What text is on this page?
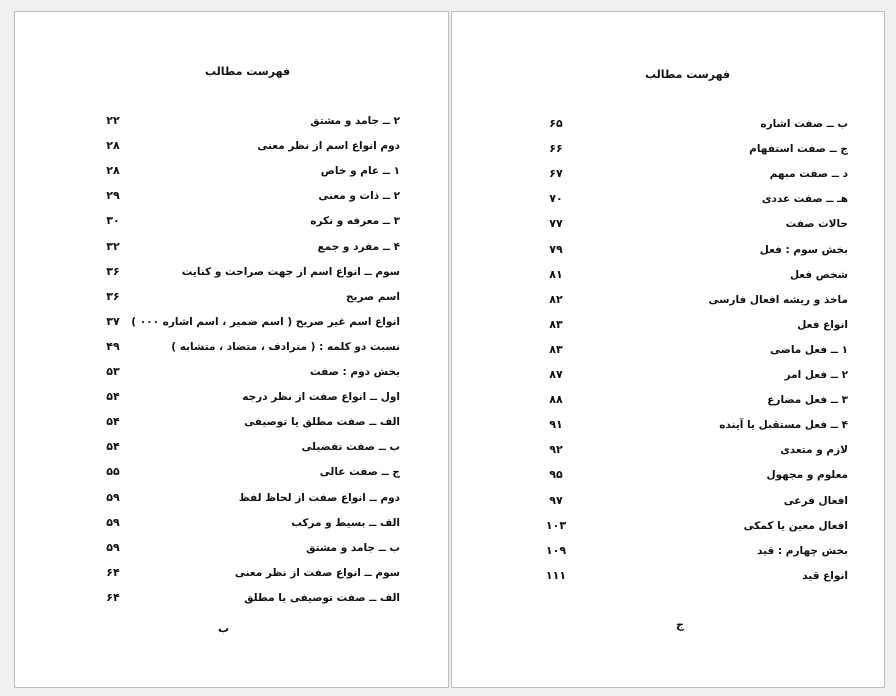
فهرست مطالب
۲ ــ جامد و مشتق
۲۲
دوم انواع اسم از نظر معنی
۲۸
۱ ــ عام و خاص
۲۸
۲ ــ ذات و معنی
۲۹
۳ ــ معرفه و نکره
۳۰
۴ ــ مفرد و جمع
۳۲
سوم ــ انواع اسم از جهت صراحت و کنایت
۳۶
اسم صریح
۳۶
انواع اسم غیر صریح ( اسم ضمیر ، اسم اشاره ۰۰۰ )
۳۷
نسبت دو کلمه : ( مترادف ، متضاد ، متشابه )
۴۹
بخش دوم : صفت
۵۳
اول ــ انواع صفت از نظر درجه
۵۴
الف ــ صفت مطلق یا توصیفی
۵۴
ب ــ صفت تفضیلی
۵۴
ج ــ صفت عالی
۵۵
دوم ــ انواع صفت از لحاظ لفظ
۵۹
الف ــ بسیط و مرکب
۵۹
ب ــ جامد و مشتق
۵۹
سوم ــ انواع صفت از نظر معنی
۶۴
الف ــ صفت توصیفی یا مطلق
۶۴
ب
فهرست مطالب
ب ــ صفت اشاره
۶۵
ج ــ صفت استفهام
۶۶
د ــ صفت مبهم
۶۷
هـ ــ صفت عددی
۷۰
حالات صفت
۷۷
بخش سوم : فعل
۷۹
شخص فعل
۸۱
ماخذ و ریشه افعال فارسی
۸۲
انواع فعل
۸۳
۱ ــ فعل ماضی
۸۳
۲ ــ فعل امر
۸۷
۳ ــ فعل مضارع
۸۸
۴ ــ فعل مستقبل یا آینده
۹۱
لازم و متعدی
۹۲
معلوم و مجهول
۹۵
افعال فرعی
۹۷
افعال معین یا کمکی
۱۰۳
بخش چهارم : قید
۱۰۹
انواع قید
۱۱۱
ج
